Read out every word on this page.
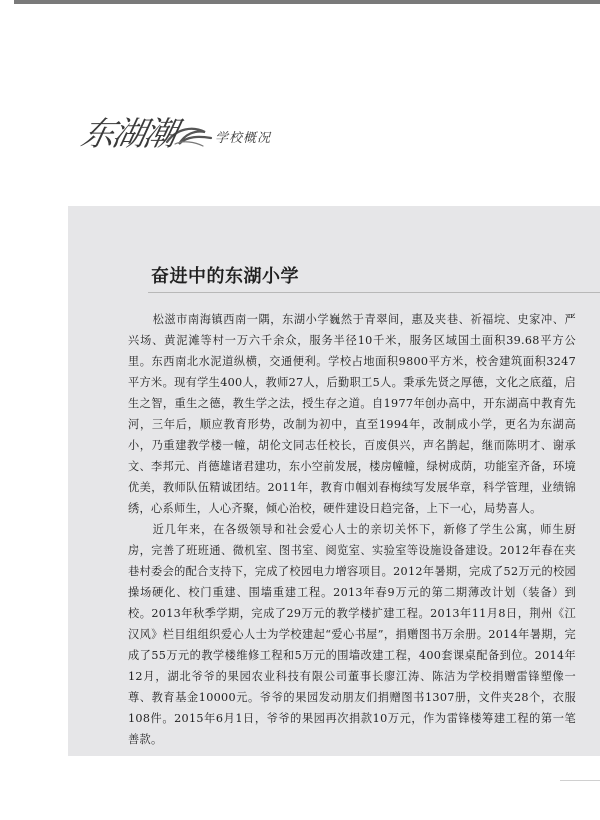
东湖潮	学校概况
奋进中的东湖小学

松滋市南海镇西南一隅，东湖小学巍然于青翠间，惠及夹巷、祈福垸、史家冲、严兴场、黄泥滩等村一万六千余众，服务半径10千米，服务区域国土面积39.68平方公里。东西南北水泥道纵横，交通便利。学校占地面积9800平方米，校舍建筑面积3247平方米。现有学生400人，教师27人，后勤职工5人。秉承先贤之厚德，文化之底蕴，启生之智，重生之德，教生学之法，授生存之道。自1977年创办高中，开东湖高中教育先河，三年后，顺应教育形势，改制为初中，直至1994年，改制成小学，更名为东湖高小，乃重建教学楼一幢，胡伦文同志任校长，百废俱兴，声名鹊起，继而陈明才、谢承文、李邦元、肖德雄诸君建功，东小空前发展，楼房幢幢，绿树成荫，功能室齐备，环境优美，教师队伍精诚团结。2011年，教育巾帼刘春梅续写发展华章，科学管理，业绩锦绣，心系师生，人心齐聚，倾心治校，硬件建设日趋完备，上下一心，局势喜人。

近几年来，在各级领导和社会爱心人士的亲切关怀下，新修了学生公寓，师生厨房，完善了班班通、微机室、图书室、阅览室、实验室等设施设备建设。2012年春在夹巷村委会的配合支持下，完成了校园电力增容项目。2012年暑期，完成了52万元的校园操场硬化、校门重建、围墙重建工程。2013年春9万元的第二期薄改计划（装备）到校。2013年秋季学期，完成了29万元的教学楼扩建工程。2013年11月8日，荆州《江汉风》栏目组组织爱心人士为学校建起“爱心书屋”，捐赠图书万余册。2014年暑期，完成了55万元的教学楼维修工程和5万元的围墙改建工程，400套课桌配备到位。2014年12月，湖北爷爷的果园农业科技有限公司董事长廖江涛、陈洁为学校捐赠雷锋塑像一尊、教育基金10000元。爷爷的果园发动朋友们捐赠图书1307册，文件夹28个，衣服108件。2015年6月1日，爷爷的果园再次捐款10万元，作为雷锋楼筹建工程的第一笔善款。
